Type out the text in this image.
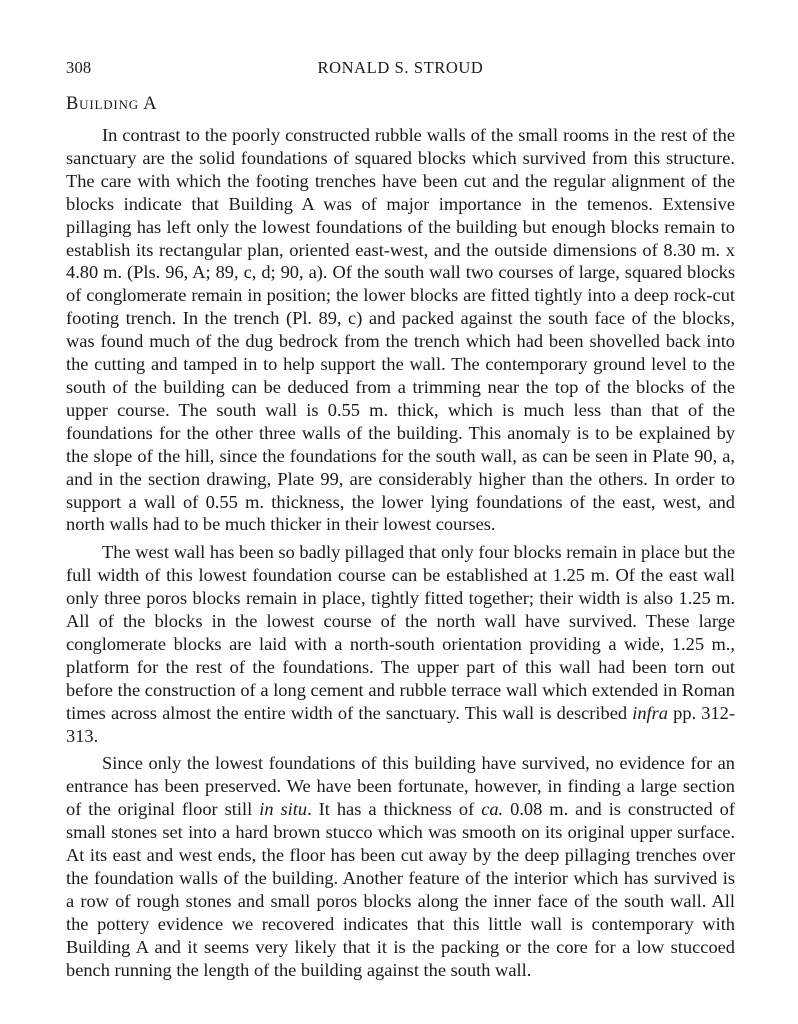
308	RONALD S. STROUD
Building A

In contrast to the poorly constructed rubble walls of the small rooms in the rest of the sanctuary are the solid foundations of squared blocks which survived from this structure. The care with which the footing trenches have been cut and the regular alignment of the blocks indicate that Building A was of major importance in the temenos. Extensive pillaging has left only the lowest foundations of the building but enough blocks remain to establish its rectangular plan, oriented east-west, and the outside dimensions of 8.30 m. x 4.80 m. (Pls. 96, A; 89, c, d; 90, a). Of the south wall two courses of large, squared blocks of conglomerate remain in position; the lower blocks are fitted tightly into a deep rock-cut footing trench. In the trench (Pl. 89, c) and packed against the south face of the blocks, was found much of the dug bedrock from the trench which had been shovelled back into the cutting and tamped in to help support the wall. The contemporary ground level to the south of the building can be deduced from a trimming near the top of the blocks of the upper course. The south wall is 0.55 m. thick, which is much less than that of the foundations for the other three walls of the building. This anomaly is to be explained by the slope of the hill, since the foundations for the south wall, as can be seen in Plate 90, a, and in the section drawing, Plate 99, are considerably higher than the others. In order to support a wall of 0.55 m. thickness, the lower lying foundations of the east, west, and north walls had to be much thicker in their lowest courses.

The west wall has been so badly pillaged that only four blocks remain in place but the full width of this lowest foundation course can be established at 1.25 m. Of the east wall only three poros blocks remain in place, tightly fitted together; their width is also 1.25 m. All of the blocks in the lowest course of the north wall have survived. These large conglomerate blocks are laid with a north-south orientation providing a wide, 1.25 m., platform for the rest of the foundations. The upper part of this wall had been torn out before the construction of a long cement and rubble terrace wall which extended in Roman times across almost the entire width of the sanctuary. This wall is described infra pp. 312-313.

Since only the lowest foundations of this building have survived, no evidence for an entrance has been preserved. We have been fortunate, however, in finding a large section of the original floor still in situ. It has a thickness of ca. 0.08 m. and is constructed of small stones set into a hard brown stucco which was smooth on its original upper surface. At its east and west ends, the floor has been cut away by the deep pillaging trenches over the foundation walls of the building. Another feature of the interior which has survived is a row of rough stones and small poros blocks along the inner face of the south wall. All the pottery evidence we recovered indicates that this little wall is contemporary with Building A and it seems very likely that it is the packing or the core for a low stuccoed bench running the length of the building against the south wall.
